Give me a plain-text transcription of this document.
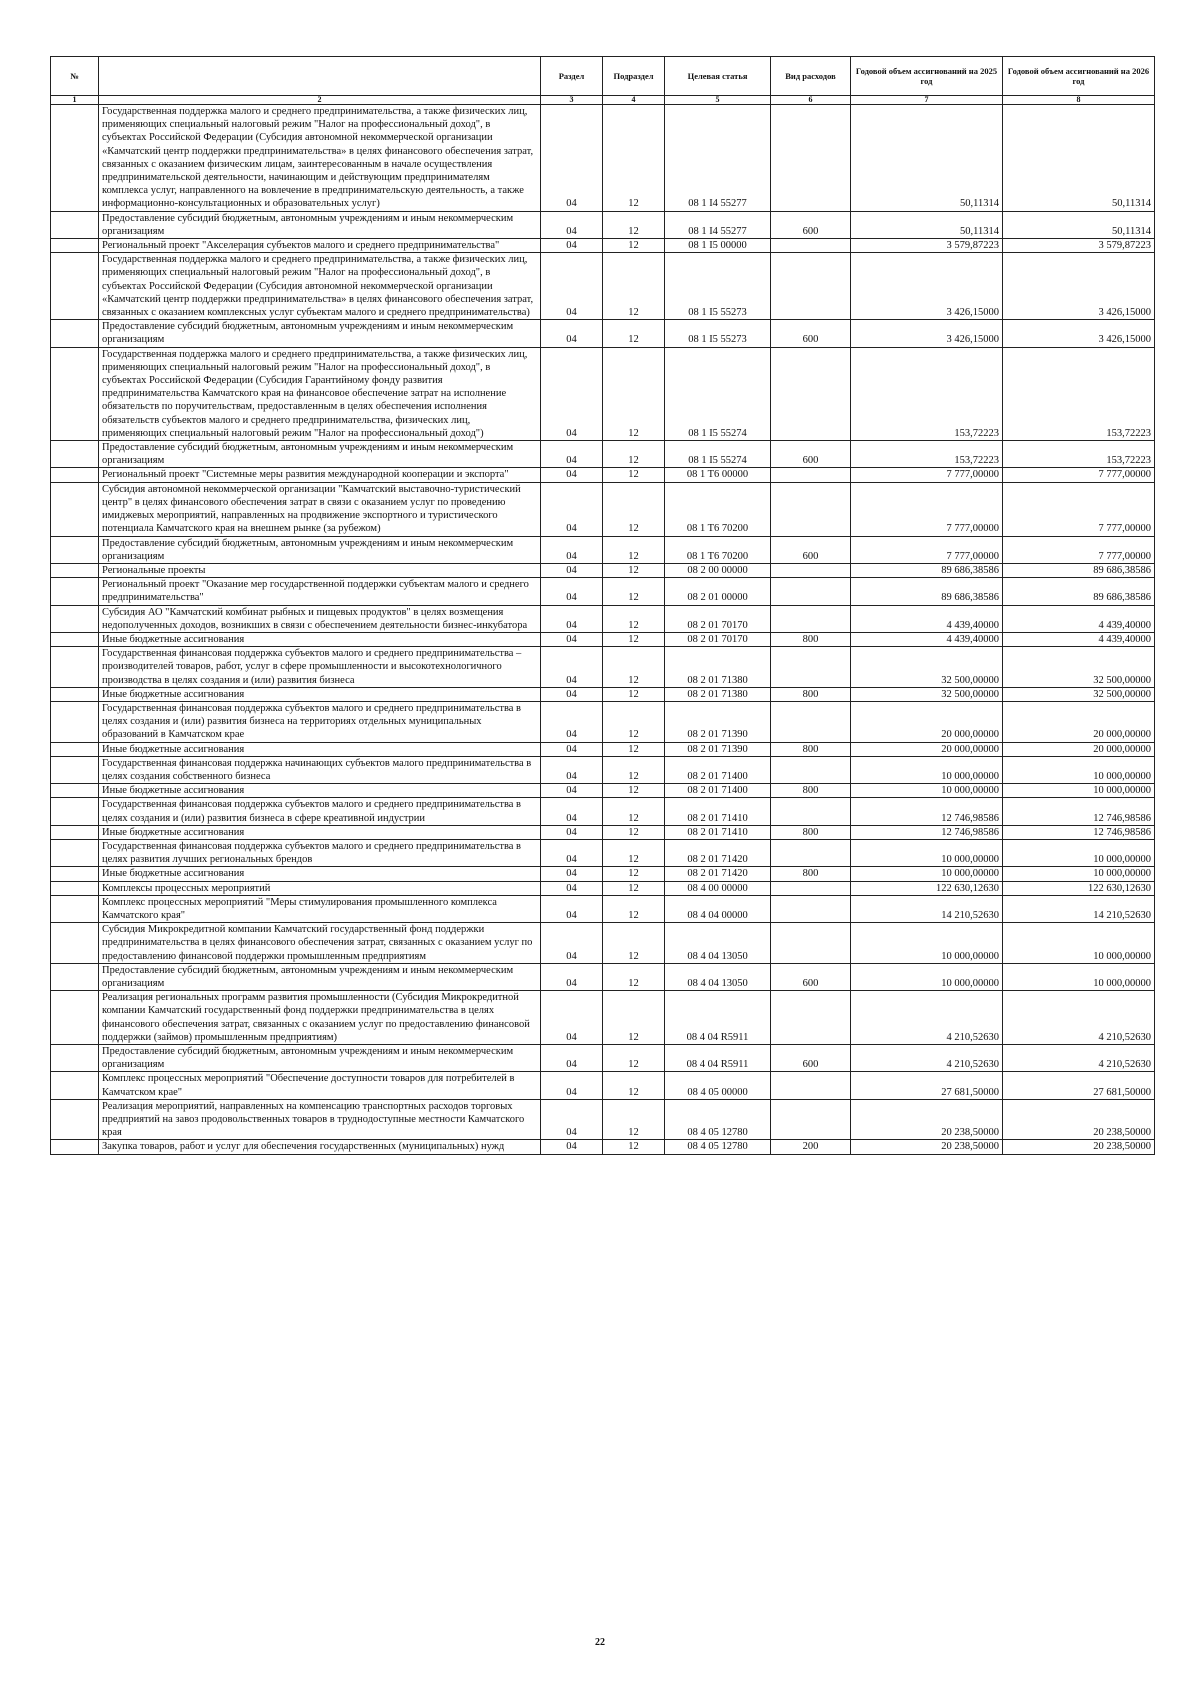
№		Раздел	Подраздел	Целевая статья	Вид расходов	Годовой объем ассигнований на 2025 год	Годовой объем ассигнований на 2026 год
1	2	3	4	5	6	7	8
	Государственная поддержка малого и среднего предпринимательства, а также физических лиц, применяющих специальный налоговый режим "Налог на профессиональный доход", в субъектах Российской Федерации (Субсидия автономной некоммерческой организации «Камчатский центр поддержки предпринимательства» в целях финансового обеспечения затрат, связанных с оказанием физическим лицам, заинтересованным в начале осуществления предпринимательской деятельности, начинающим и действующим предпринимателям комплекса услуг, направленного на вовлечение в предпринимательскую деятельность, а также информационно-консультационных и образовательных услуг)	04	12	08 1 I4 55277		50,11314	50,11314
	Предоставление субсидий бюджетным, автономным учреждениям и иным некоммерческим организациям	04	12	08 1 I4 55277	600	50,11314	50,11314
	Региональный проект "Акселерация субъектов малого и среднего предпринимательства"	04	12	08 1 I5 00000		3 579,87223	3 579,87223
	Государственная поддержка малого и среднего предпринимательства, а также физических лиц, применяющих специальный налоговый режим "Налог на профессиональный доход", в субъектах Российской Федерации (Субсидия автономной некоммерческой организации «Камчатский центр поддержки предпринимательства» в целях финансового обеспечения затрат, связанных с оказанием комплексных услуг субъектам малого и среднего предпринимательства)	04	12	08 1 I5 55273		3 426,15000	3 426,15000
	Предоставление субсидий бюджетным, автономным учреждениям и иным некоммерческим организациям	04	12	08 1 I5 55273	600	3 426,15000	3 426,15000
	Государственная поддержка малого и среднего предпринимательства, а также физических лиц, применяющих специальный налоговый режим "Налог на профессиональный доход", в субъектах Российской Федерации (Субсидия Гарантийному фонду развития предпринимательства Камчатского края на финансовое обеспечение затрат на исполнение обязательств по поручительствам, предоставленным в целях обеспечения исполнения обязательств субъектов малого и среднего предпринимательства, физических лиц, применяющих специальный налоговый режим "Налог на профессиональный доход")	04	12	08 1 I5 55274		153,72223	153,72223
	Предоставление субсидий бюджетным, автономным учреждениям и иным некоммерческим организациям	04	12	08 1 I5 55274	600	153,72223	153,72223
	Региональный проект "Системные меры развития международной кооперации и экспорта"	04	12	08 1 T6 00000		7 777,00000	7 777,00000
	Субсидия автономной некоммерческой организации "Камчатский выставочно-туристический центр" в целях финансового обеспечения затрат в связи с оказанием услуг по проведению имиджевых мероприятий, направленных на продвижение экспортного и туристического потенциала Камчатского края на внешнем рынке (за рубежом)	04	12	08 1 T6 70200		7 777,00000	7 777,00000
	Предоставление субсидий бюджетным, автономным учреждениям и иным некоммерческим организациям	04	12	08 1 T6 70200	600	7 777,00000	7 777,00000
	Региональные проекты	04	12	08 2 00 00000		89 686,38586	89 686,38586
	Региональный проект "Оказание мер государственной поддержки субъектам малого и среднего предпринимательства"	04	12	08 2 01 00000		89 686,38586	89 686,38586
	Субсидия АО "Камчатский комбинат рыбных и пищевых продуктов" в целях возмещения недополученных доходов, возникших в связи с обеспечением деятельности бизнес-инкубатора	04	12	08 2 01 70170		4 439,40000	4 439,40000
	Иные бюджетные ассигнования	04	12	08 2 01 70170	800	4 439,40000	4 439,40000
	Государственная финансовая поддержка субъектов малого и среднего предпринимательства – производителей товаров, работ, услуг в сфере промышленности и высокотехнологичного производства в целях создания и (или) развития бизнеса	04	12	08 2 01 71380		32 500,00000	32 500,00000
	Иные бюджетные ассигнования	04	12	08 2 01 71380	800	32 500,00000	32 500,00000
	Государственная финансовая поддержка субъектов малого и среднего предпринимательства в целях создания и (или) развития бизнеса на территориях отдельных муниципальных образований в Камчатском крае	04	12	08 2 01 71390		20 000,00000	20 000,00000
	Иные бюджетные ассигнования	04	12	08 2 01 71390	800	20 000,00000	20 000,00000
	Государственная финансовая поддержка начинающих субъектов малого предпринимательства в целях создания собственного бизнеса	04	12	08 2 01 71400		10 000,00000	10 000,00000
	Иные бюджетные ассигнования	04	12	08 2 01 71400	800	10 000,00000	10 000,00000
	Государственная финансовая поддержка субъектов малого и среднего предпринимательства в целях создания и (или) развития бизнеса в сфере креативной индустрии	04	12	08 2 01 71410		12 746,98586	12 746,98586
	Иные бюджетные ассигнования	04	12	08 2 01 71410	800	12 746,98586	12 746,98586
	Государственная финансовая поддержка субъектов малого и среднего предпринимательства в целях развития лучших региональных брендов	04	12	08 2 01 71420		10 000,00000	10 000,00000
	Иные бюджетные ассигнования	04	12	08 2 01 71420	800	10 000,00000	10 000,00000
	Комплексы процессных мероприятий	04	12	08 4 00 00000		122 630,12630	122 630,12630
	Комплекс процессных мероприятий "Меры стимулирования промышленного комплекса Камчатского края"	04	12	08 4 04 00000		14 210,52630	14 210,52630
	Субсидия Микрокредитной компании Камчатский государственный фонд поддержки предпринимательства в целях финансового обеспечения затрат, связанных с оказанием услуг по предоставлению финансовой поддержки промышленным предприятиям	04	12	08 4 04 13050		10 000,00000	10 000,00000
	Предоставление субсидий бюджетным, автономным учреждениям и иным некоммерческим организациям	04	12	08 4 04 13050	600	10 000,00000	10 000,00000
	Реализация региональных программ развития промышленности (Субсидия Микрокредитной компании Камчатский государственный фонд поддержки предпринимательства в целях финансового обеспечения затрат, связанных с оказанием услуг по предоставлению финансовой поддержки (займов) промышленным предприятиям)	04	12	08 4 04 R5911		4 210,52630	4 210,52630
	Предоставление субсидий бюджетным, автономным учреждениям и иным некоммерческим организациям	04	12	08 4 04 R5911	600	4 210,52630	4 210,52630
	Комплекс процессных мероприятий "Обеспечение доступности товаров для потребителей в Камчатском крае"	04	12	08 4 05 00000		27 681,50000	27 681,50000
	Реализация мероприятий, направленных на компенсацию транспортных расходов торговых предприятий на завоз продовольственных товаров в труднодоступные местности Камчатского края	04	12	08 4 05 12780		20 238,50000	20 238,50000
	Закупка товаров, работ и услуг для обеспечения государственных (муниципальных) нужд	04	12	08 4 05 12780	200	20 238,50000	20 238,50000
22
